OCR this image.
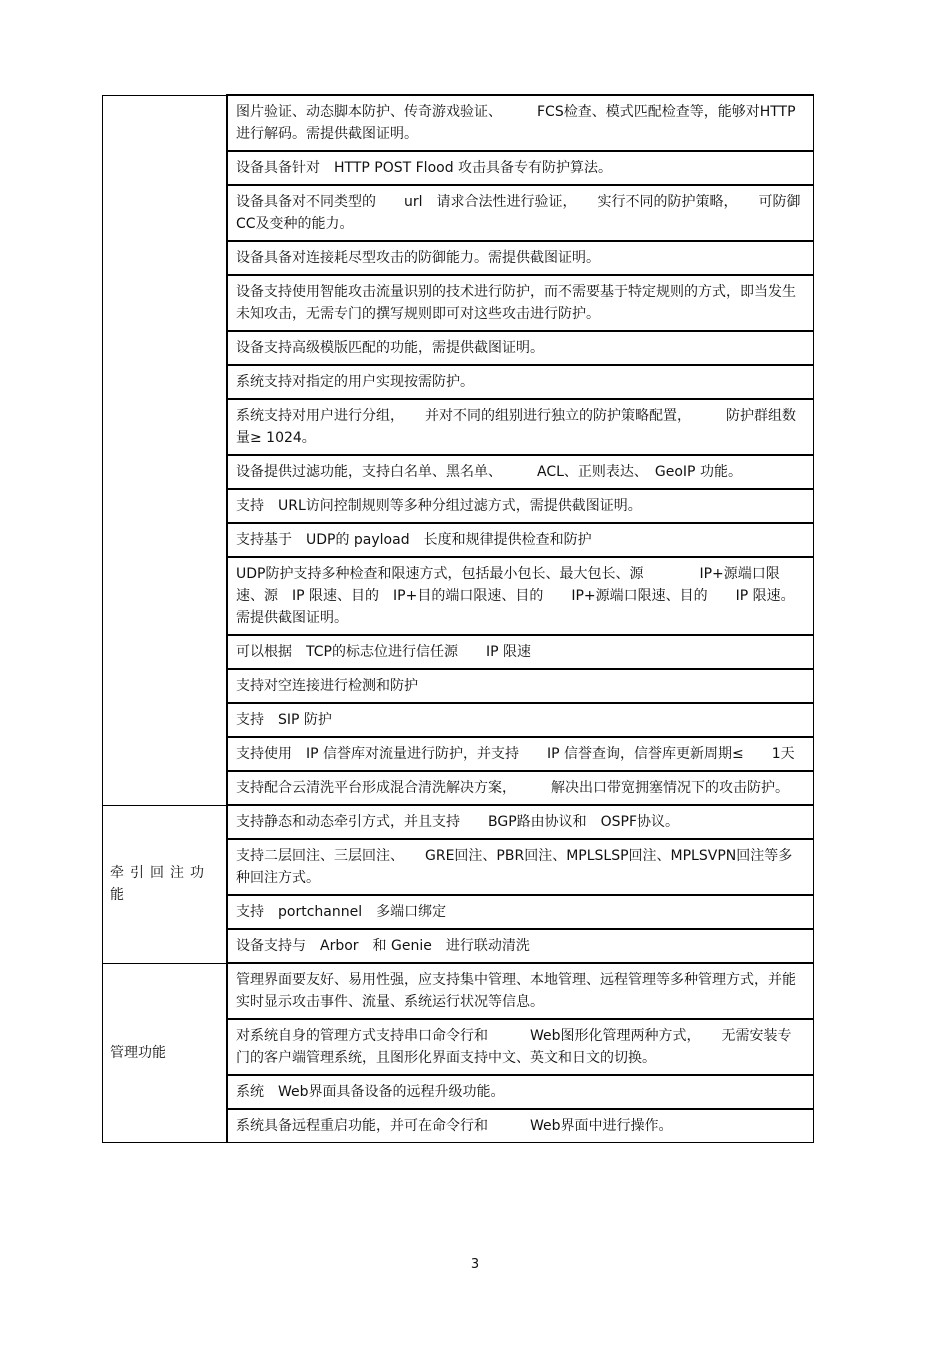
	图片验证、动态脚本防护、传奇游戏验证、　　　FCS检查、模式匹配检查等，能够对HTTP进行解码。需提供截图证明。
	设备具备针对　HTTP POST Flood 攻击具备专有防护算法。
	设备具备对不同类型的　　url　请求合法性进行验证，　　实行不同的防护策略，　　可防御CC及变种的能力。
	设备具备对连接耗尽型攻击的防御能力。需提供截图证明。
	设备支持使用智能攻击流量识别的技术进行防护，而不需要基于特定规则的方式，即当发生未知攻击，无需专门的撰写规则即可对这些攻击进行防护。
	设备支持高级模版匹配的功能，需提供截图证明。
	系统支持对指定的用户实现按需防护。
	系统支持对用户进行分组，　　并对不同的组别进行独立的防护策略配置，　　　防护群组数量≥ 1024。
	设备提供过滤功能，支持白名单、黑名单、　　　ACL、正则表达、　GeoIP 功能。
	支持　URL访问控制规则等多种分组过滤方式，需提供截图证明。
	支持基于　UDP的 payload　长度和规律提供检查和防护
	UDP防护支持多种检查和限速方式，包括最小包长、最大包长、源　　　　IP+源端口限速、源　IP 限速、目的　IP+目的端口限速、目的　　IP+源端口限速、目的　　IP 限速。需提供截图证明。
	可以根据　TCP的标志位进行信任源　　IP 限速
	支持对空连接进行检测和防护
	支持　SIP 防护
	支持使用　IP 信誉库对流量进行防护，并支持　　IP 信誉查询，信誉库更新周期≤　　1天
	支持配合云清洗平台形成混合清洗解决方案，　　　解决出口带宽拥塞情况下的攻击防护。
牵引回注功能	支持静态和动态牵引方式，并且支持　　BGP路由协议和　OSPF协议。
	支持二层回注、三层回注、　　GRE回注、PBR回注、MPLSLSP回注、MPLSVPN回注等多种回注方式。
	支持　portchannel　多端口绑定
	设备支持与　Arbor　和 Genie　进行联动清洗
管理功能	管理界面要友好、易用性强，应支持集中管理、本地管理、远程管理等多种管理方式，并能实时显示攻击事件、流量、系统运行状况等信息。
	对系统自身的管理方式支持串口命令行和　　　Web图形化管理两种方式，　　无需安装专门的客户端管理系统，且图形化界面支持中文、英文和日文的切换。
	系统　Web界面具备设备的远程升级功能。
	系统具备远程重启功能，并可在命令行和　　　Web界面中进行操作。
3
